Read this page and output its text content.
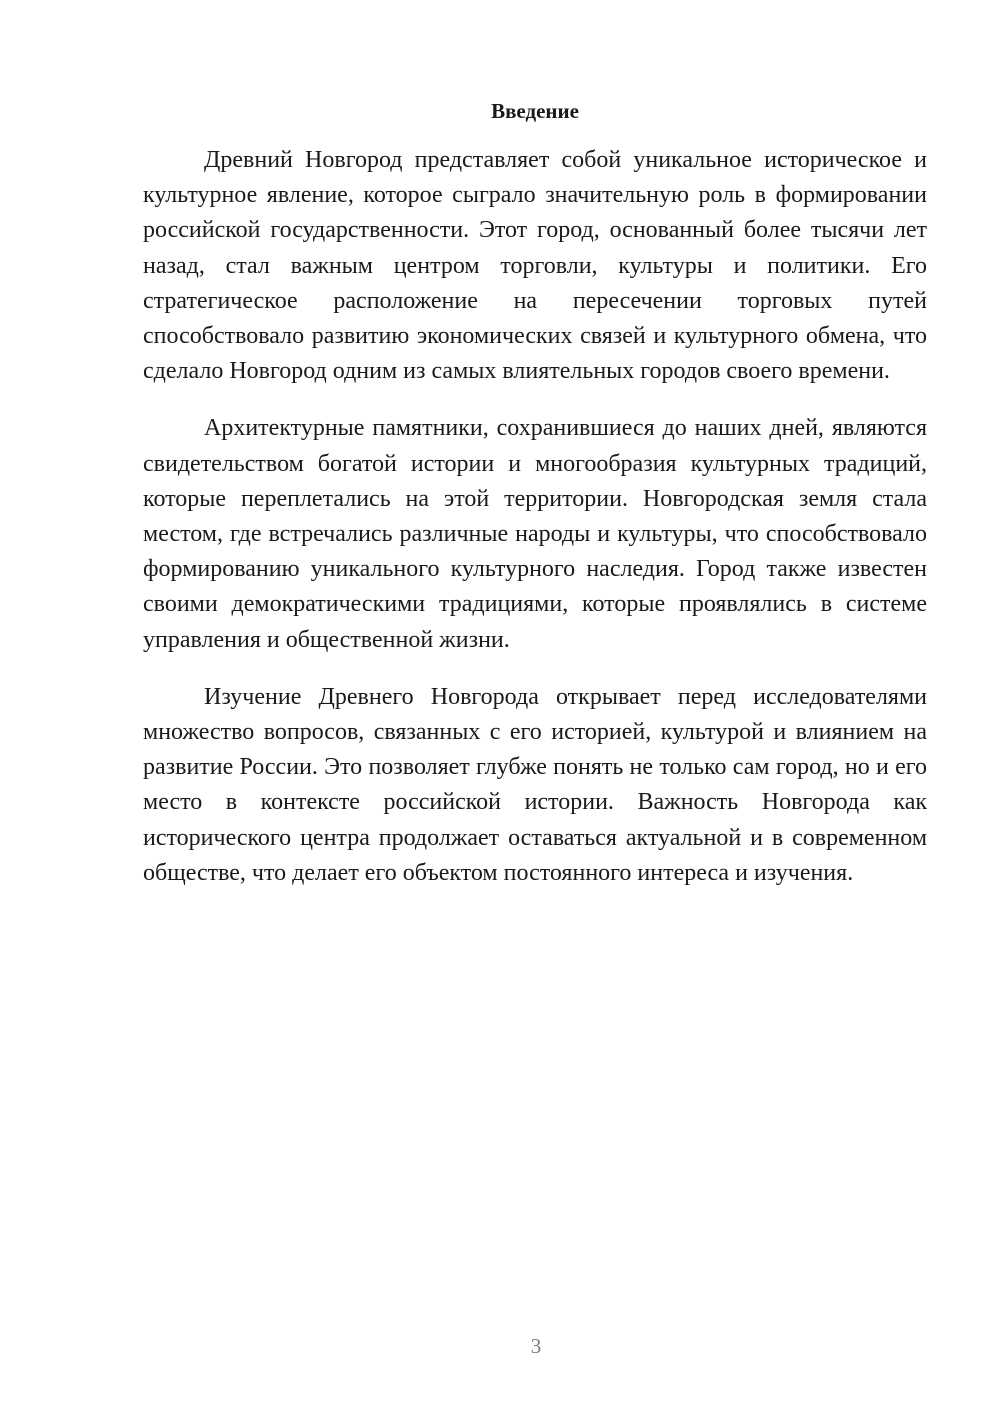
Введение

Древний Новгород представляет собой уникальное историческое и культурное явление, которое сыграло значительную роль в формировании российской государственности. Этот город, основанный более тысячи лет назад, стал важным центром торговли, культуры и политики. Его стратегическое расположение на пересечении торговых путей способствовало развитию экономических связей и культурного обмена, что сделало Новгород одним из самых влиятельных городов своего времени.

Архитектурные памятники, сохранившиеся до наших дней, являются свидетельством богатой истории и многообразия культурных традиций, которые переплетались на этой территории. Новгородская земля стала местом, где встречались различные народы и культуры, что способствовало формированию уникального культурного наследия. Город также известен своими демократическими традициями, которые проявлялись в системе управления и общественной жизни.

Изучение Древнего Новгорода открывает перед исследователями множество вопросов, связанных с его историей, культурой и влиянием на развитие России. Это позволяет глубже понять не только сам город, но и его место в контексте российской истории. Важность Новгорода как исторического центра продолжает оставаться актуальной и в современном обществе, что делает его объектом постоянного интереса и изучения.

3
